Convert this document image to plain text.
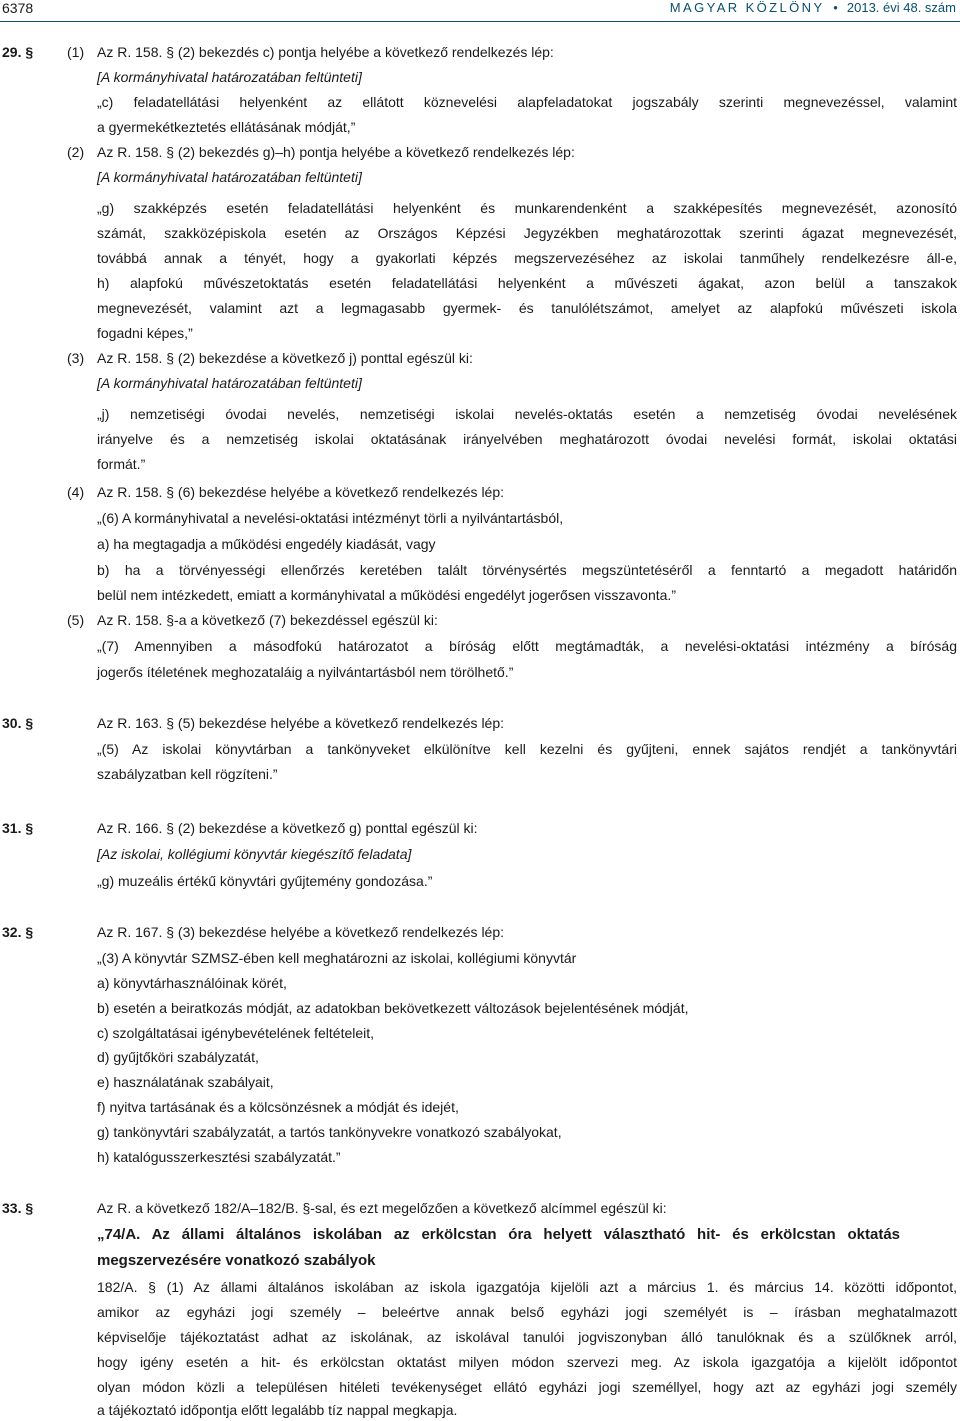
6378	MAGYAR KÖZLÖNY • 2013. évi 48. szám
29. § (1) Az R. 158. § (2) bekezdés c) pontja helyébe a következő rendelkezés lép:
[A kormányhivatal határozatában feltünteti]
„c) feladatellátási helyenként az ellátott köznevelési alapfeladatokat jogszabály szerinti megnevezéssel, valamint
a gyermekétkeztetés ellátásának módját,”
(2) Az R. 158. § (2) bekezdés g)–h) pontja helyébe a következő rendelkezés lép:
[A kormányhivatal határozatában feltünteti]
„g) szakképzés esetén feladatellátási helyenként és munkarendenként a szakképesítés megnevezését, azonosító
számát, szakközépiskola esetén az Országos Képzési Jegyzékben meghatározottak szerinti ágazat megnevezését,
továbbá annak a tényét, hogy a gyakorlati képzés megszervezéséhez az iskolai tanműhely rendelkezésre áll-e,
h) alapfokú művészetoktatás esetén feladatellátási helyenként a művészeti ágakat, azon belül a tanszakok
megnevezését, valamint azt a legmagasabb gyermek- és tanulólétszámot, amelyet az alapfokú művészeti iskola
fogadni képes,”
(3) Az R. 158. § (2) bekezdése a következő j) ponttal egészül ki:
[A kormányhivatal határozatában feltünteti]
„j) nemzetiségi óvodai nevelés, nemzetiségi iskolai nevelés-oktatás esetén a nemzetiség óvodai nevelésének
irányelve és a nemzetiség iskolai oktatásának irányelvében meghatározott óvodai nevelési formát, iskolai oktatási
formát.”
(4) Az R. 158. § (6) bekezdése helyébe a következő rendelkezés lép:
„(6) A kormányhivatal a nevelési-oktatási intézményt törli a nyilvántartásból,
a) ha megtagadja a működési engedély kiadását, vagy
b) ha a törvényességi ellenőrzés keretében talált törvénysértés megszüntetéséről a fenntartó a megadott határidőn
belül nem intézkedett, emiatt a kormányhivatal a működési engedélyt jogerősen visszavonta.”
(5) Az R. 158. §-a a következő (7) bekezdéssel egészül ki:
„(7) Amennyiben a másodfokú határozatot a bíróság előtt megtámadták, a nevelési-oktatási intézmény a bíróság
jogerős ítéletének meghozataláig a nyilvántartásból nem törölhető.”
30. §	Az R. 163. § (5) bekezdése helyébe a következő rendelkezés lép:
„(5) Az iskolai könyvtárban a tankönyveket elkülönítve kell kezelni és gyűjteni, ennek sajátos rendjét a tankönyvtári
szabályzatban kell rögzíteni.”
31. §	Az R. 166. § (2) bekezdése a következő g) ponttal egészül ki:
[Az iskolai, kollégiumi könyvtár kiegészítő feladata]
„g) muzeális értékű könyvtári gyűjtemény gondozása.”
32. §	Az R. 167. § (3) bekezdése helyébe a következő rendelkezés lép:
„(3) A könyvtár SZMSZ-ében kell meghatározni az iskolai, kollégiumi könyvtár
a) könyvtárhasználóinak körét,
b) esetén a beiratkozás módját, az adatokban bekövetkezett változások bejelentésének módját,
c) szolgáltatásai igénybevételének feltételeit,
d) gyűjtőköri szabályzatát,
e) használatának szabályait,
f) nyitva tartásának és a kölcsönzésnek a módját és idejét,
g) tankönyvtári szabályzatát, a tartós tankönyvekre vonatkozó szabályokat,
h) katalógusszerkesztési szabályzatát.”
33. §	Az R. a következő 182/A–182/B. §-sal, és ezt megelőzően a következő alcímmel egészül ki:
„74/A. Az állami általános iskolában az erkölcstan óra helyett választható hit- és erkölcstan oktatás
megszervezésére vonatkozó szabályok
182/A. § (1) Az állami általános iskolában az iskola igazgatója kijelöli azt a március 1. és március 14. közötti időpontot,
amikor az egyházi jogi személy – beleértve annak belső egyházi jogi személyét is – írásban meghatalmazott
képviselője tájékoztatást adhat az iskolának, az iskolával tanulói jogviszonyban álló tanulóknak és a szülőknek arról,
hogy igény esetén a hit- és erkölcstan oktatást milyen módon szervezi meg. Az iskola igazgatója a kijelölt időpontot
olyan módon közli a településen hitéleti tevékenységet ellátó egyházi jogi személlyel, hogy azt az egyházi jogi személy
a tájékoztató időpontja előtt legalább tíz nappal megkapja.
